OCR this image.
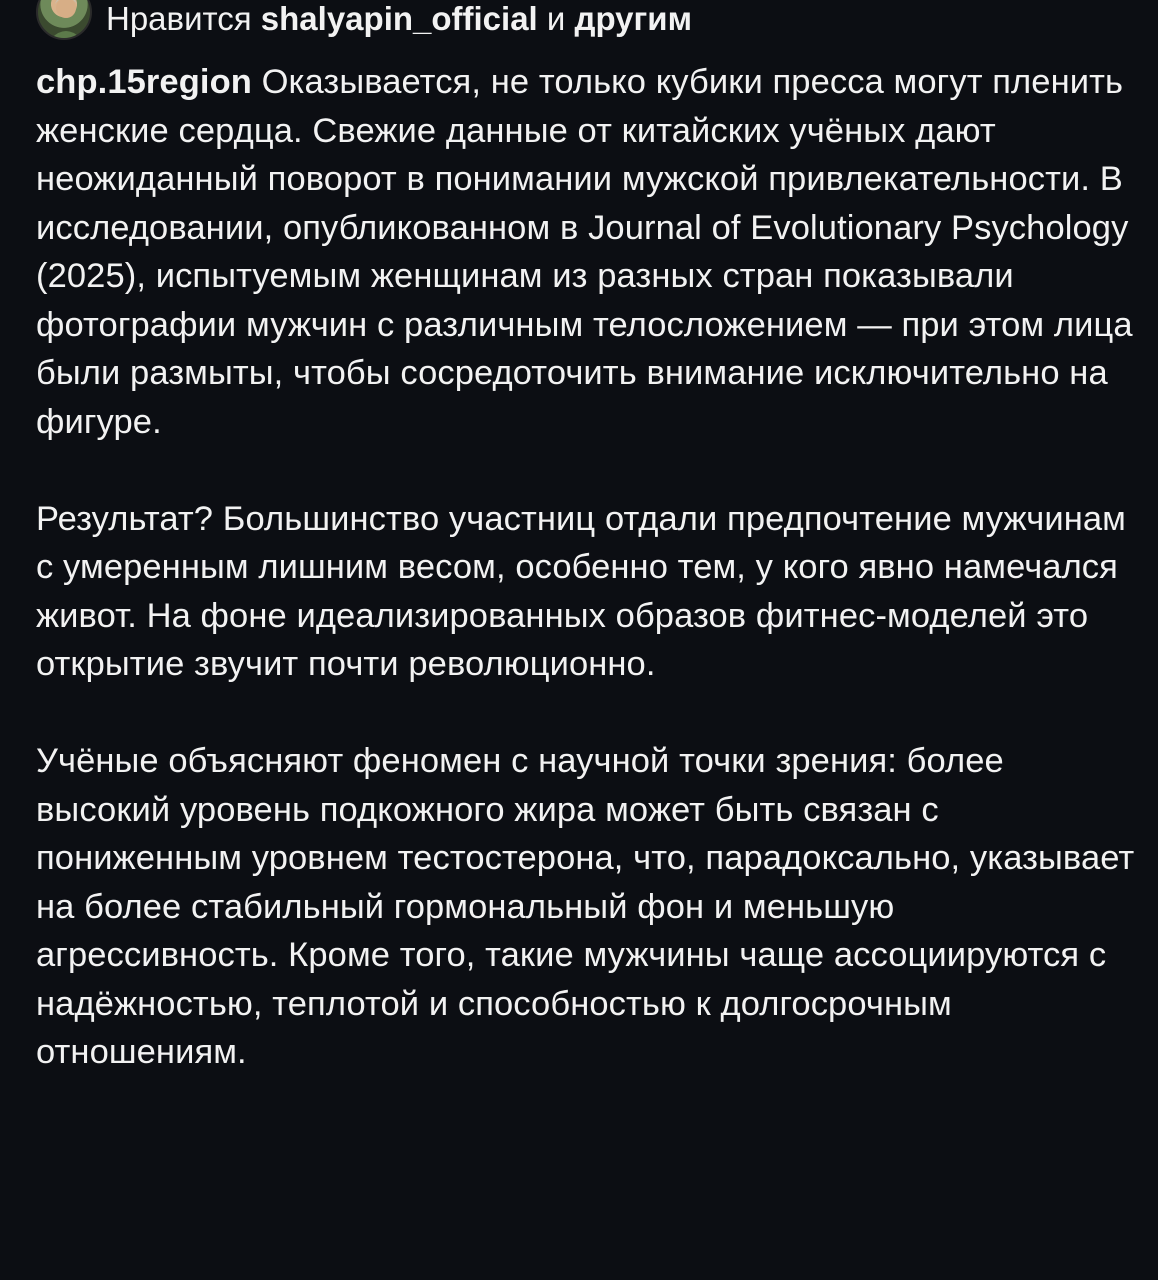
Нравится shalyapin_official и другим

chp.15region Оказывается, не только кубики пресса могут пленить женские сердца. Свежие данные от китайских учёных дают неожиданный поворот в понимании мужской привлекательности. В исследовании, опубликованном в Journal of Evolutionary Psychology (2025), испытуемым женщинам из разных стран показывали фотографии мужчин с различным телосложением — при этом лица были размыты, чтобы сосредоточить внимание исключительно на фигуре.

Результат? Большинство участниц отдали предпочтение мужчинам с умеренным лишним весом, особенно тем, у кого явно намечался живот. На фоне идеализированных образов фитнес-моделей это открытие звучит почти революционно.

Учёные объясняют феномен с научной точки зрения: более высокий уровень подкожного жира может быть связан с пониженным уровнем тестостерона, что, парадоксально, указывает на более стабильный гормональный фон и меньшую агрессивность. Кроме того, такие мужчины чаще ассоциируются с надёжностью, теплотой и способностью к долгосрочным отношениям.
